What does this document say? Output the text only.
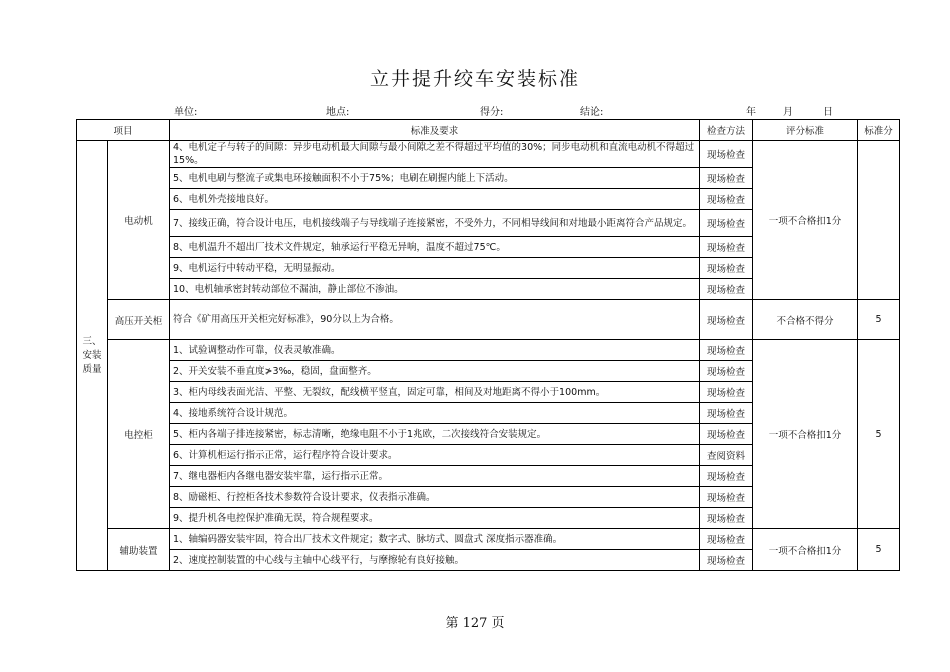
立井提升绞车安装标准
单位:	地点:	得分:	结论:	年	月	日
项目		标准及要求	检查方法	评分标准	标准分
三、安装质量	电动机	4、电机定子与转子的间隙：异步电动机最大间隙与最小间隙之差不得超过平均值的30%；同步电动机和直流电动机不得超过15%。	现场检查	一项不合格扣1分	
		5、电机电刷与整流子或集电环接触面积不小于75%；电刷在刷握内能上下活动。	现场检查		
		6、电机外壳接地良好。	现场检查		
		7、接线正确，符合设计电压，电机接线端子与导线端子连接紧密，不受外力，不同相导线间和对地最小距离符合产品规定。	现场检查		
		8、电机温升不超出厂技术文件规定，轴承运行平稳无异响，温度不超过75℃。	现场检查		
		9、电机运行中转动平稳，无明显振动。	现场检查		
		10、电机轴承密封转动部位不漏油，静止部位不渗油。	现场检查		
	高压开关柜	符合《矿用高压开关柜完好标准》，90分以上为合格。	现场检查	不合格不得分	5
	电控柜	1、试验调整动作可靠，仪表灵敏准确。	现场检查	一项不合格扣1分	5
		2、开关安装不垂直度≯3‰，稳固，盘面整齐。	现场检查		
		3、柜内母线表面光洁、平整、无裂纹，配线横平竖直，固定可靠，相间及对地距离不得小于100mm。	现场检查		
		4、接地系统符合设计规范。	现场检查		
		5、柜内各端子排连接紧密，标志清晰，绝缘电阻不小于1兆欧，二次接线符合安装规定。	现场检查		
		6、计算机柜运行指示正常，运行程序符合设计要求。	查阅资料		
		7、继电器柜内各继电器安装牢靠，运行指示正常。	现场检查		
		8、励磁柜、行控柜各技术参数符合设计要求，仪表指示准确。	现场检查		
		9、提升机各电控保护准确无误，符合规程要求。	现场检查		
	辅助装置	1、轴编码器安装牢固，符合出厂技术文件规定；数字式、脉坊式、圆盘式 深度指示器准确。	现场检查	一项不合格扣1分	5
		2、速度控制装置的中心线与主轴中心线平行，与摩擦轮有良好接触。	现场检查		
第 127 页
